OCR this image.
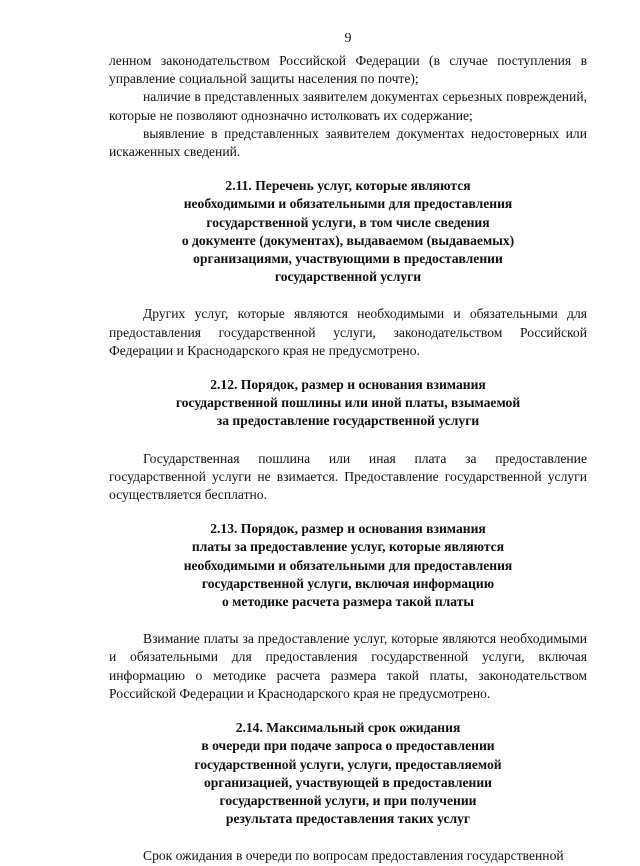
9

ленном законодательством Российской Федерации (в случае поступления в управление социальной защиты населения по почте);

наличие в представленных заявителем документах серьезных повреждений, которые не позволяют однозначно истолковать их содержание;

выявление в представленных заявителем документах недостоверных или искаженных сведений.

2.11. Перечень услуг, которые являются
необходимыми и обязательными для предоставления
государственной услуги, в том числе сведения
о документе (документах), выдаваемом (выдаваемых)
организациями, участвующими в предоставлении
государственной услуги

Других услуг, которые являются необходимыми и обязательными для предоставления государственной услуги, законодательством Российской Федерации и Краснодарского края не предусмотрено.

2.12. Порядок, размер и основания взимания
государственной пошлины или иной платы, взымаемой
за предоставление государственной услуги

Государственная пошлина или иная плата за предоставление государственной услуги не взимается. Предоставление государственной услуги осуществляется бесплатно.

2.13. Порядок, размер и основания взимания
платы за предоставление услуг, которые являются
необходимыми и обязательными для предоставления
государственной услуги, включая информацию
о методике расчета размера такой платы

Взимание платы за предоставление услуг, которые являются необходимыми и обязательными для предоставления государственной услуги, включая информацию о методике расчета размера такой платы, законодательством Российской Федерации и Краснодарского края не предусмотрено.

2.14. Максимальный срок ожидания
в очереди при подаче запроса о предоставлении
государственной услуги, услуги, предоставляемой
организацией, участвующей в предоставлении
государственной услуги, и при получении
результата предоставления таких услуг

Срок ожидания в очереди по вопросам предоставления государственной
